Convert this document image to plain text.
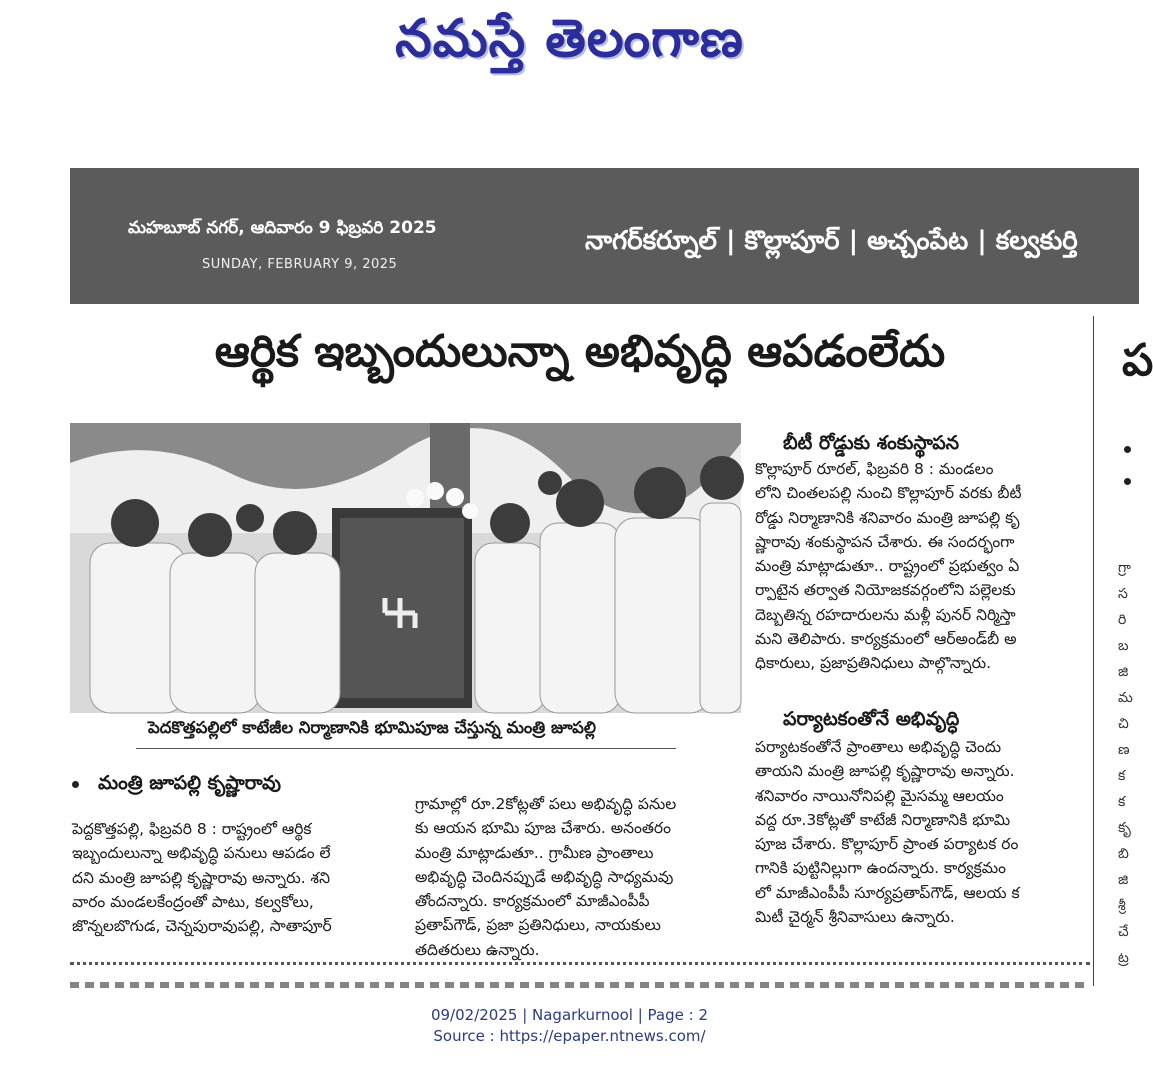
నమస్తే తెలంగాణ
మహబూబ్ నగర్, ఆదివారం 9 ఫిబ్రవరి 2025
SUNDAY, FEBRUARY 9, 2025
నాగర్‌కర్నూల్ | కొల్లాపూర్ | అచ్చంపేట | కల్వకుర్తి
ఆర్థిక ఇబ్బందులున్నా అభివృద్ధి ఆపడంలేదు
పెదకొత్తపల్లిలో కాటేజీల నిర్మాణానికి భూమిపూజ చేస్తున్న మంత్రి జూపల్లి
మంత్రి జూపల్లి కృష్ణారావు
పెద్దకొత్తపల్లి, ఫిబ్రవరి 8 : రాష్ట్రంలో ఆర్థిక
ఇబ్బందులున్నా అభివృద్ధి పనులు ఆపడం లే
దని మంత్రి జూపల్లి కృష్ణారావు అన్నారు. శని
వారం మండలకేంద్రంతో పాటు, కల్వకోలు,
జొన్నలబొగుడ, చెన్నపురావుపల్లి, సాతాపూర్
గ్రామాల్లో రూ.2కోట్లతో పలు అభివృద్ధి పనుల
కు ఆయన భూమి పూజ చేశారు. అనంతరం
మంత్రి మాట్లాడుతూ.. గ్రామీణ ప్రాంతాలు
అభివృద్ధి చెందినప్పుడే అభివృద్ధి సాధ్యమవు
తోందన్నారు. కార్యక్రమంలో మాజీఎంపీపీ
ప్రతాప్‌గౌడ్, ప్రజా ప్రతినిధులు, నాయకులు
తదితరులు ఉన్నారు.
బీటీ రోడ్డుకు శంకుస్థాపన
కొల్లాపూర్ రూరల్, ఫిబ్రవరి 8 : మండలం
లోని చింతలపల్లి నుంచి కొల్లాపూర్ వరకు బీటీ
రోడ్డు నిర్మాణానికి శనివారం మంత్రి జూపల్లి కృ
ష్ణారావు శంకుస్థాపన చేశారు. ఈ సందర్భంగా
మంత్రి మాట్లాడుతూ.. రాష్ట్రంలో ప్రభుత్వం ఏ
ర్పాటైన తర్వాత నియోజకవర్గంలోని పల్లెలకు
దెబ్బతిన్న రహదారులను మళ్లీ పునర్ నిర్మిస్తా
మని తెలిపారు. కార్యక్రమంలో ఆర్‌అండ్‌బీ అ
ధికారులు, ప్రజాప్రతినిధులు పాల్గొన్నారు.
పర్యాటకంతోనే అభివృద్ధి
పర్యాటకంతోనే ప్రాంతాలు అభివృద్ధి చెందు
తాయని మంత్రి జూపల్లి కృష్ణారావు అన్నారు.
శనివారం నాయినోనిపల్లి మైసమ్మ ఆలయం
వద్ద రూ.3కోట్లతో కాటేజీ నిర్మాణానికి భూమి
పూజ చేశారు. కొల్లాపూర్ ప్రాంత పర్యాటక రం
గానికి పుట్టినిల్లుగా ఉందన్నారు. కార్యక్రమం
లో మాజీఎంపీపీ సూర్యప్రతాప్‌గౌడ్, ఆలయ క
మిటీ చైర్మన్ శ్రీనివాసులు ఉన్నారు.
ప
గ్రా
స
రి
బ
జి
మ
చి
ణ
క
క
కృ
బి
జి
శ్రీ
చే
ట్ర
09/02/2025 | Nagarkurnool | Page : 2
Source : https://epaper.ntnews.com/
